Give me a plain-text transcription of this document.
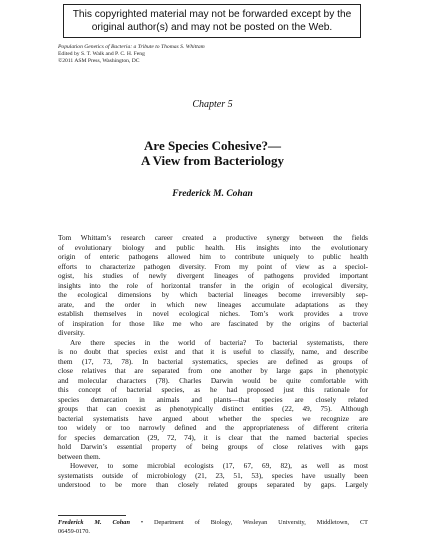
This copyrighted material may not be forwarded except by the
original author(s) and may not be posted on the Web.
Population Genetics of Bacteria: a Tribute to Thomas S. Whittam
Edited by S. T. Walk and P. C. H. Feng
©2011 ASM Press, Washington, DC
Chapter 5
Are Species Cohesive?—
A View from Bacteriology
Frederick M. Cohan
Tom Whittam’s research career created a productive synergy between the fields
of evolutionary biology and public health. His insights into the evolutionary
origin of enteric pathogens allowed him to contribute uniquely to public health
efforts to characterize pathogen diversity. From my point of view as a speciol-
ogist, his studies of newly divergent lineages of pathogens provided important
insights into the role of horizontal transfer in the origin of ecological diversity,
the ecological dimensions by which bacterial lineages become irreversibly sep-
arate, and the order in which new lineages accumulate adaptations as they
establish themselves in novel ecological niches. Tom’s work provides a trove
of inspiration for those like me who are fascinated by the origins of bacterial
diversity.
Are there species in the world of bacteria? To bacterial systematists, there
is no doubt that species exist and that it is useful to classify, name, and describe
them (17, 73, 78). In bacterial systematics, species are defined as groups of
close relatives that are separated from one another by large gaps in phenotypic
and molecular characters (78). Charles Darwin would be quite comfortable with
this concept of bacterial species, as he had proposed just this rationale for
species demarcation in animals and plants—that species are closely related
groups that can coexist as phenotypically distinct entities (22, 49, 75). Although
bacterial systematists have argued about whether the species we recognize are
too widely or too narrowly defined and the appropriateness of different criteria
for species demarcation (29, 72, 74), it is clear that the named bacterial species
hold Darwin’s essential property of being groups of close relatives with gaps
between them.
However, to some microbial ecologists (17, 67, 69, 82), as well as most
systematists outside of microbiology (21, 23, 51, 53), species have usually been
understood to be more than closely related groups separated by gaps. Largely
Frederick M. Cohan • Department of Biology, Wesleyan University, Middletown, CT
06459-0170.
